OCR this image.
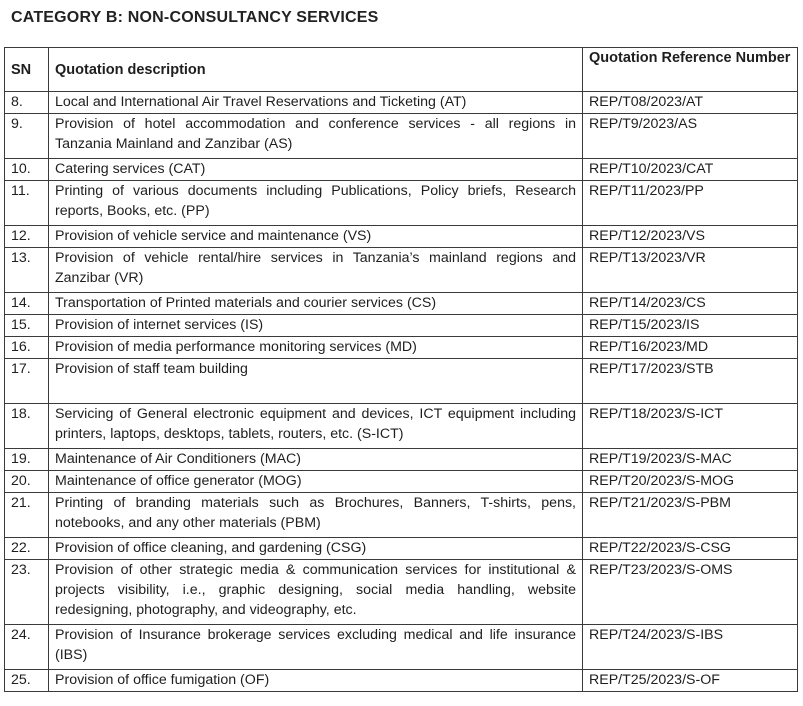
CATEGORY B: NON-CONSULTANCY SERVICES
SN	Quotation description	Quotation Reference Number
8.	Local and International Air Travel Reservations and Ticketing (AT)	REP/T08/2023/AT
9.	Provision of hotel accommodation and conference services - all regions in Tanzania Mainland and Zanzibar (AS)	REP/T9/2023/AS
10.	Catering services (CAT)	REP/T10/2023/CAT
11.	Printing of various documents including Publications, Policy briefs, Research reports, Books, etc. (PP)	REP/T11/2023/PP
12.	Provision of vehicle service and maintenance (VS)	REP/T12/2023/VS
13.	Provision of vehicle rental/hire services in Tanzania’s mainland regions and Zanzibar (VR)	REP/T13/2023/VR
14.	Transportation of Printed materials and courier services (CS)	REP/T14/2023/CS
15.	Provision of internet services (IS)	REP/T15/2023/IS
16.	Provision of media performance monitoring services (MD)	REP/T16/2023/MD
17.	Provision of staff team building	REP/T17/2023/STB
18.	Servicing of General electronic equipment and devices, ICT equipment including printers, laptops, desktops, tablets, routers, etc. (S-ICT)	REP/T18/2023/S-ICT
19.	Maintenance of Air Conditioners (MAC)	REP/T19/2023/S-MAC
20.	Maintenance of office generator (MOG)	REP/T20/2023/S-MOG
21.	Printing of branding materials such as Brochures, Banners, T-shirts, pens, notebooks, and any other materials (PBM)	REP/T21/2023/S-PBM
22.	Provision of office cleaning, and gardening (CSG)	REP/T22/2023/S-CSG
23.	Provision of other strategic media & communication services for institutional & projects visibility, i.e., graphic designing, social media handling, website redesigning, photography, and videography, etc.	REP/T23/2023/S-OMS
24.	Provision of Insurance brokerage services excluding medical and life insurance (IBS)	REP/T24/2023/S-IBS
25.	Provision of office fumigation (OF)	REP/T25/2023/S-OF
